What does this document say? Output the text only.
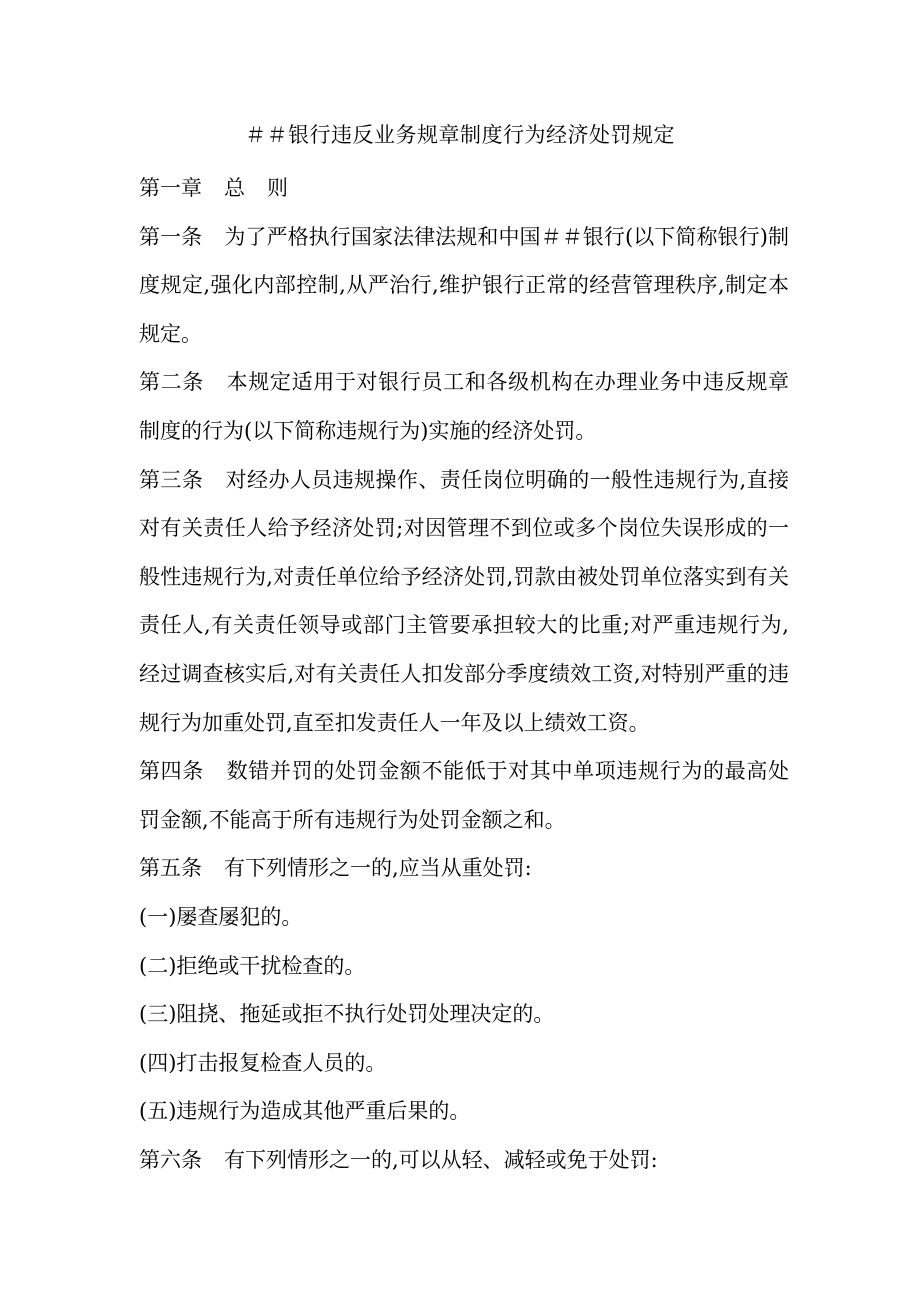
＃＃银行违反业务规章制度行为经济处罚规定

第一章 总 则

第一条 为了严格执行国家法律法规和中国＃＃银行(以下简称银行)制度规定,强化内部控制,从严治行,维护银行正常的经营管理秩序,制定本规定。

第二条 本规定适用于对银行员工和各级机构在办理业务中违反规章制度的行为(以下简称违规行为)实施的经济处罚。

第三条 对经办人员违规操作、责任岗位明确的一般性违规行为,直接对有关责任人给予经济处罚;对因管理不到位或多个岗位失误形成的一般性违规行为,对责任单位给予经济处罚,罚款由被处罚单位落实到有关责任人,有关责任领导或部门主管要承担较大的比重;对严重违规行为,经过调查核实后,对有关责任人扣发部分季度绩效工资,对特别严重的违规行为加重处罚,直至扣发责任人一年及以上绩效工资。

第四条 数错并罚的处罚金额不能低于对其中单项违规行为的最高处罚金额,不能高于所有违规行为处罚金额之和。

第五条 有下列情形之一的,应当从重处罚:

(一)屡查屡犯的。

(二)拒绝或干扰检查的。

(三)阻挠、拖延或拒不执行处罚处理决定的。

(四)打击报复检查人员的。

(五)违规行为造成其他严重后果的。

第六条 有下列情形之一的,可以从轻、减轻或免于处罚:
